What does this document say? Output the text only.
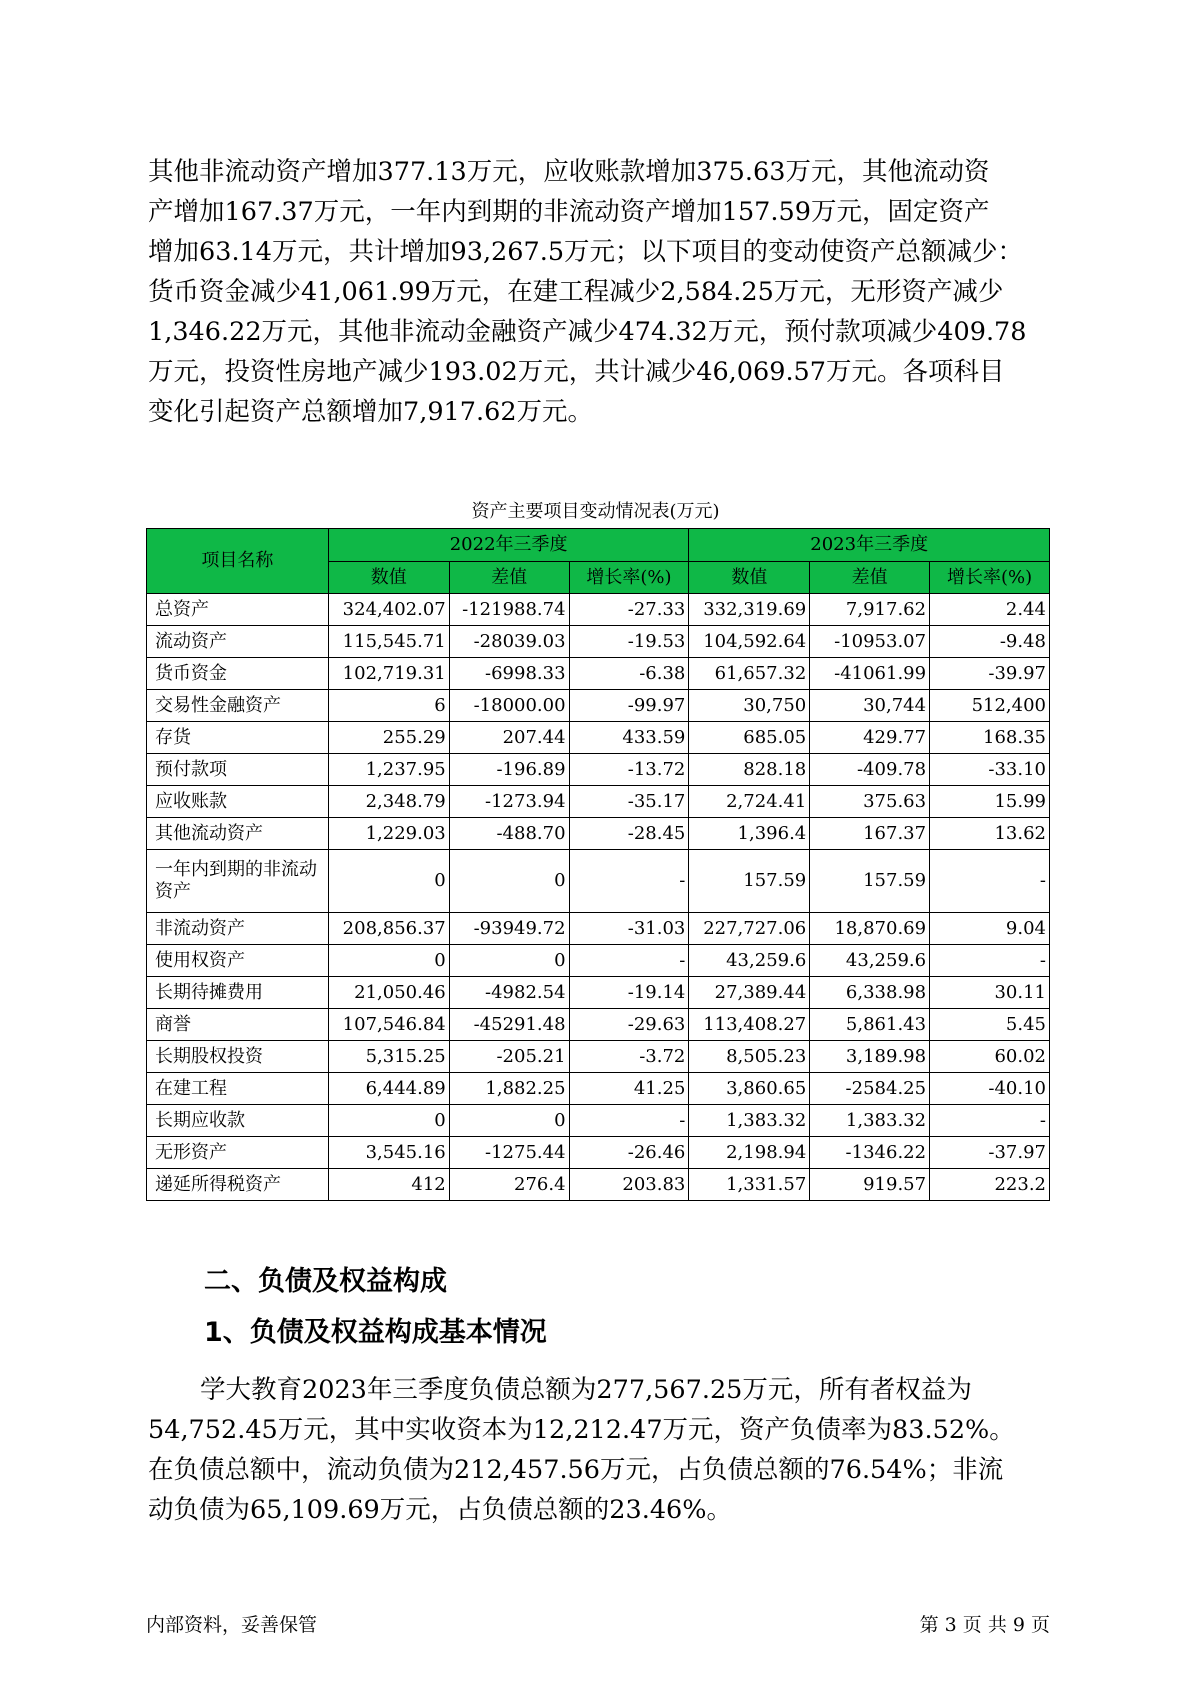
其他非流动资产增加377.13万元，应收账款增加375.63万元，其他流动资
产增加167.37万元，一年内到期的非流动资产增加157.59万元，固定资产
增加63.14万元，共计增加93,267.5万元；以下项目的变动使资产总额减少：
货币资金减少41,061.99万元，在建工程减少2,584.25万元，无形资产减少
1,346.22万元，其他非流动金融资产减少474.32万元，预付款项减少409.78
万元，投资性房地产减少193.02万元，共计减少46,069.57万元。各项科目
变化引起资产总额增加7,917.62万元。
资产主要项目变动情况表(万元)
项目名称	2022年三季度			2023年三季度		
	数值	差值	增长率(%)	数值	差值	增长率(%)
总资产	324,402.07	-121988.74	-27.33	332,319.69	7,917.62	2.44
流动资产	115,545.71	-28039.03	-19.53	104,592.64	-10953.07	-9.48
货币资金	102,719.31	-6998.33	-6.38	61,657.32	-41061.99	-39.97
交易性金融资产	6	-18000.00	-99.97	30,750	30,744	512,400
存货	255.29	207.44	433.59	685.05	429.77	168.35
预付款项	1,237.95	-196.89	-13.72	828.18	-409.78	-33.10
应收账款	2,348.79	-1273.94	-35.17	2,724.41	375.63	15.99
其他流动资产	1,229.03	-488.70	-28.45	1,396.4	167.37	13.62
一年内到期的非流动资产	0	0	-	157.59	157.59	-
非流动资产	208,856.37	-93949.72	-31.03	227,727.06	18,870.69	9.04
使用权资产	0	0	-	43,259.6	43,259.6	-
长期待摊费用	21,050.46	-4982.54	-19.14	27,389.44	6,338.98	30.11
商誉	107,546.84	-45291.48	-29.63	113,408.27	5,861.43	5.45
长期股权投资	5,315.25	-205.21	-3.72	8,505.23	3,189.98	60.02
在建工程	6,444.89	1,882.25	41.25	3,860.65	-2584.25	-40.10
长期应收款	0	0	-	1,383.32	1,383.32	-
无形资产	3,545.16	-1275.44	-26.46	2,198.94	-1346.22	-37.97
递延所得税资产	412	276.4	203.83	1,331.57	919.57	223.2
二、负债及权益构成
1、负债及权益构成基本情况
学大教育2023年三季度负债总额为277,567.25万元，所有者权益为
54,752.45万元，其中实收资本为12,212.47万元，资产负债率为83.52%。
在负债总额中，流动负债为212,457.56万元，占负债总额的76.54%；非流
动负债为65,109.69万元，占负债总额的23.46%。
内部资料，妥善保管	第 3 页 共 9 页
